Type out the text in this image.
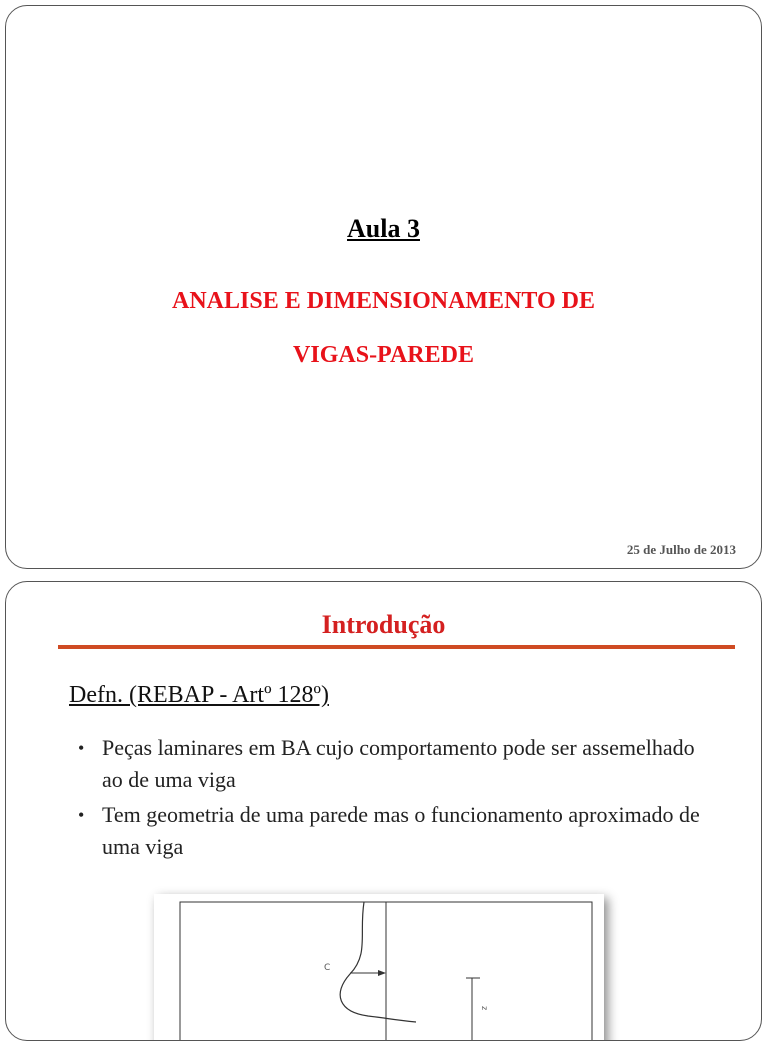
Aula 3
ANALISE E DIMENSIONAMENTO DE
VIGAS-PAREDE
25 de Julho de 2013
Introdução
Defn. (REBAP - Artº 128º)
• Peças laminares em BA cujo comportamento pode ser assemelhado ao de uma viga
• Tem geometria de uma parede mas o funcionamento aproximado de uma viga
C
z
